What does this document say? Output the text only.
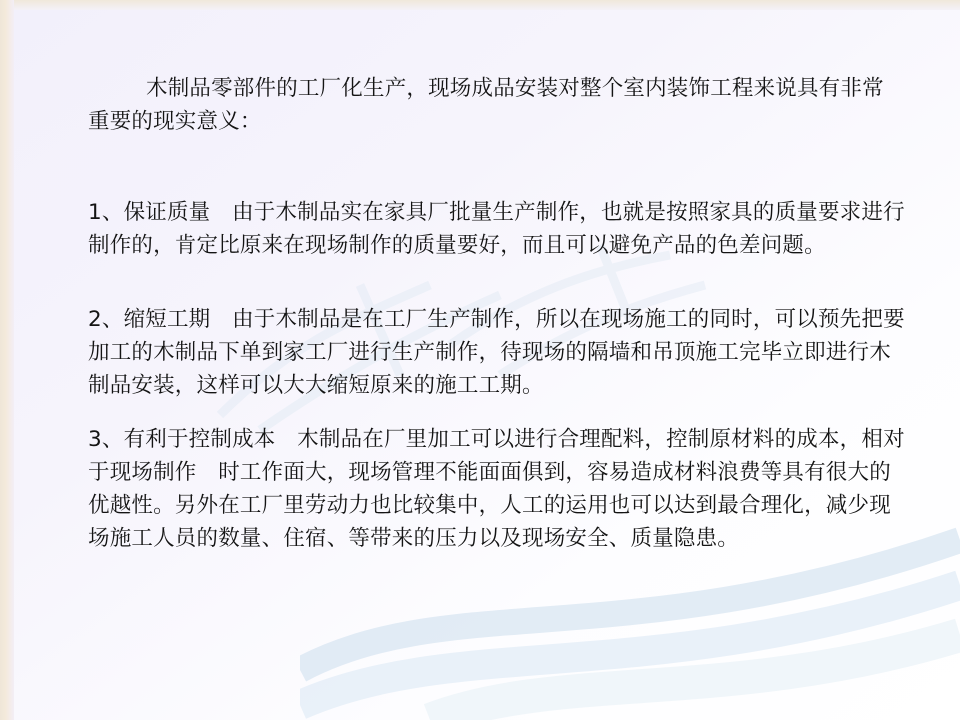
木制品零部件的工厂化生产，现场成品安装对整个室内装饰工程来说具有非常重要的现实意义：
1、保证质量　由于木制品实在家具厂批量生产制作，也就是按照家具的质量要求进行制作的，肯定比原来在现场制作的质量要好，而且可以避免产品的色差问题。
2、缩短工期　由于木制品是在工厂生产制作，所以在现场施工的同时，可以预先把要加工的木制品下单到家工厂进行生产制作，待现场的隔墙和吊顶施工完毕立即进行木制品安装，这样可以大大缩短原来的施工工期。
3、有利于控制成本　木制品在厂里加工可以进行合理配料，控制原材料的成本，相对于现场制作　时工作面大，现场管理不能面面俱到，容易造成材料浪费等具有很大的优越性。另外在工厂里劳动力也比较集中，人工的运用也可以达到最合理化，减少现场施工人员的数量、住宿、等带来的压力以及现场安全、质量隐患。
